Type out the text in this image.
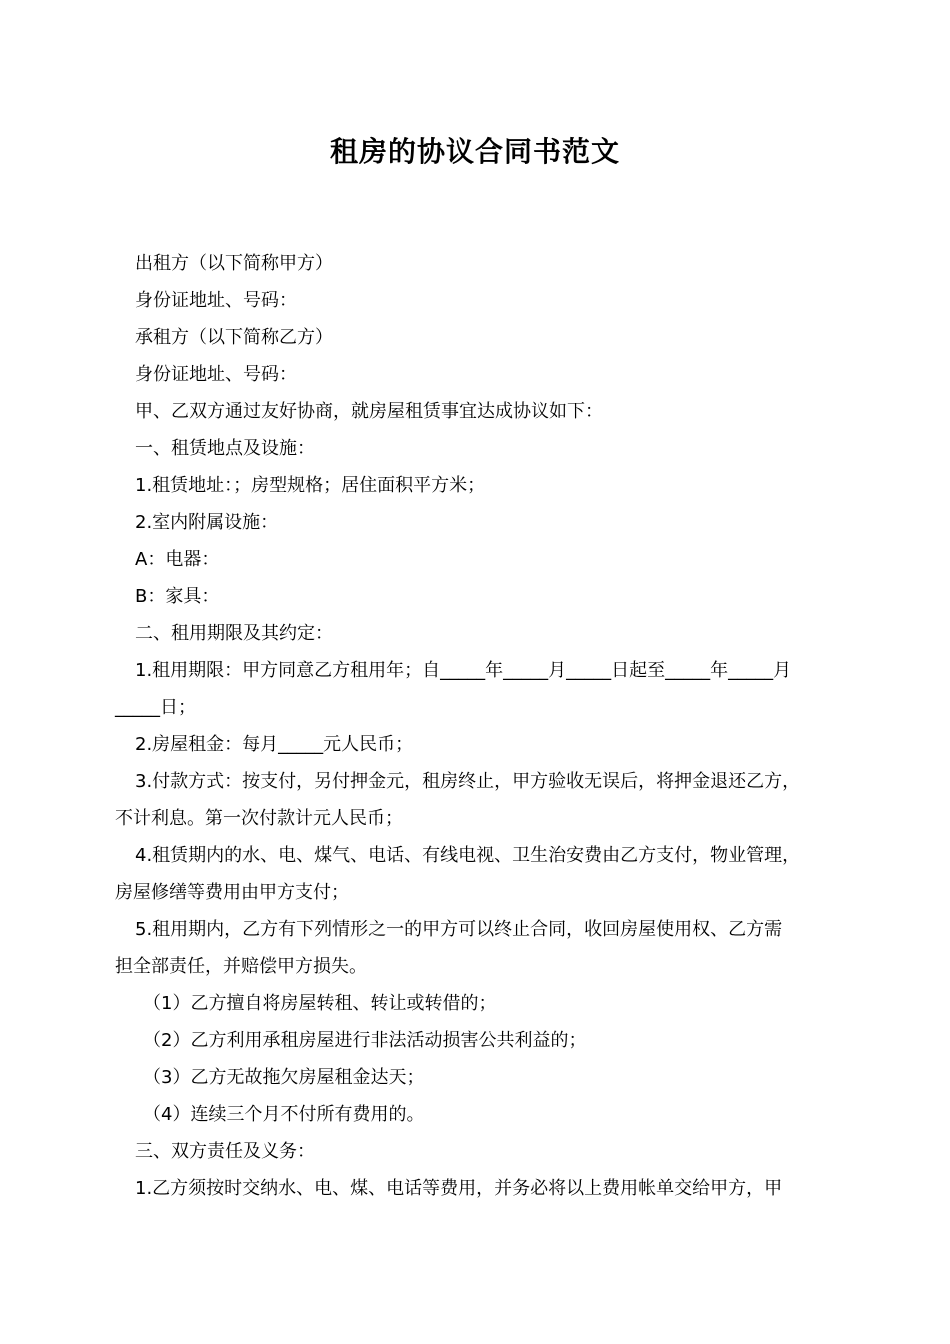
租房的协议合同书范文

出租方（以下简称甲方）

身份证地址、号码：

承租方（以下简称乙方）

身份证地址、号码：

甲、乙双方通过友好协商，就房屋租赁事宜达成协议如下：

一、租赁地点及设施：

1.租赁地址：；房型规格；居住面积平方米；

2.室内附属设施：

A：电器：

B：家具：

二、租用期限及其约定：

1.租用期限：甲方同意乙方租用年；自_____年_____月_____日起至_____年_____月

_____日；

2.房屋租金：每月_____元人民币；

3.付款方式：按支付，另付押金元，租房终止，甲方验收无误后，将押金退还乙方，

不计利息。第一次付款计元人民币；

4.租赁期内的水、电、煤气、电话、有线电视、卫生治安费由乙方支付，物业管理，

房屋修缮等费用由甲方支付；

5.租用期内，乙方有下列情形之一的甲方可以终止合同，收回房屋使用权、乙方需

担全部责任，并赔偿甲方损失。

（1）乙方擅自将房屋转租、转让或转借的；

（2）乙方利用承租房屋进行非法活动损害公共利益的；

（3）乙方无故拖欠房屋租金达天；

（4）连续三个月不付所有费用的。

三、双方责任及义务：

1.乙方须按时交纳水、电、煤、电话等费用，并务必将以上费用帐单交给甲方，甲
